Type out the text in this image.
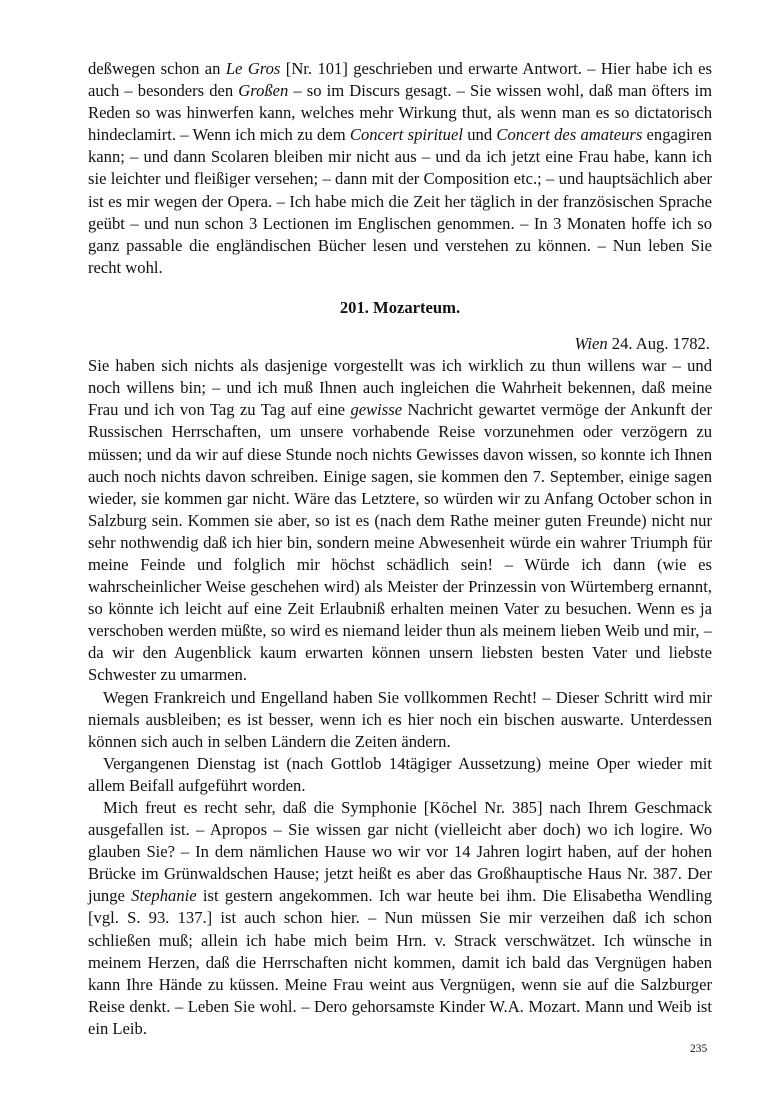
deßwegen schon an Le Gros [Nr. 101] geschrieben und erwarte Antwort. – Hier habe ich es auch – besonders den Großen – so im Discurs gesagt. – Sie wissen wohl, daß man öfters im Reden so was hinwerfen kann, welches mehr Wirkung thut, als wenn man es so dictatorisch hindeclamirt. – Wenn ich mich zu dem Concert spirituel und Concert des amateurs engagiren kann; – und dann Scolaren bleiben mir nicht aus – und da ich jetzt eine Frau habe, kann ich sie leichter und fleißiger versehen; – dann mit der Composition etc.; – und hauptsächlich aber ist es mir wegen der Opera. – Ich habe mich die Zeit her täglich in der französischen Sprache geübt – und nun schon 3 Lectionen im Englischen genommen. – In 3 Monaten hoffe ich so ganz passable die engländischen Bücher lesen und verstehen zu können. – Nun leben Sie recht wohl.

201. Mozarteum.

Wien 24. Aug. 1782.

Sie haben sich nichts als dasjenige vorgestellt was ich wirklich zu thun willens war – und noch willens bin; – und ich muß Ihnen auch ingleichen die Wahrheit bekennen, daß meine Frau und ich von Tag zu Tag auf eine gewisse Nachricht gewartet vermöge der Ankunft der Russischen Herrschaften, um unsere vorhabende Reise vorzunehmen oder verzögern zu müssen; und da wir auf diese Stunde noch nichts Gewisses davon wissen, so konnte ich Ihnen auch noch nichts davon schreiben. Einige sagen, sie kommen den 7. September, einige sagen wieder, sie kommen gar nicht. Wäre das Letztere, so würden wir zu Anfang October schon in Salzburg sein. Kommen sie aber, so ist es (nach dem Rathe meiner guten Freunde) nicht nur sehr nothwendig daß ich hier bin, sondern meine Abwesenheit würde ein wahrer Triumph für meine Feinde und folglich mir höchst schädlich sein! – Würde ich dann (wie es wahrscheinlicher Weise geschehen wird) als Meister der Prinzessin von Würtemberg ernannt, so könnte ich leicht auf eine Zeit Erlaubniß erhalten meinen Vater zu besuchen. Wenn es ja verschoben werden müßte, so wird es niemand leider thun als meinem lieben Weib und mir, – da wir den Augenblick kaum erwarten können unsern liebsten besten Vater und liebste Schwester zu umarmen.

Wegen Frankreich und Engelland haben Sie vollkommen Recht! – Dieser Schritt wird mir niemals ausbleiben; es ist besser, wenn ich es hier noch ein bischen auswarte. Unterdessen können sich auch in selben Ländern die Zeiten ändern.

Vergangenen Dienstag ist (nach Gottlob 14tägiger Aussetzung) meine Oper wieder mit allem Beifall aufgeführt worden.

Mich freut es recht sehr, daß die Symphonie [Köchel Nr. 385] nach Ihrem Geschmack ausgefallen ist. – Apropos – Sie wissen gar nicht (vielleicht aber doch) wo ich logire. Wo glauben Sie? – In dem nämlichen Hause wo wir vor 14 Jahren logirt haben, auf der hohen Brücke im Grünwaldschen Hause; jetzt heißt es aber das Großhauptische Haus Nr. 387. Der junge Stephanie ist gestern angekommen. Ich war heute bei ihm. Die Elisabetha Wendling [vgl. S. 93. 137.] ist auch schon hier. – Nun müssen Sie mir verzeihen daß ich schon schließen muß; allein ich habe mich beim Hrn. v. Strack verschwätzet. Ich wünsche in meinem Herzen, daß die Herrschaften nicht kommen, damit ich bald das Vergnügen haben kann Ihre Hände zu küssen. Meine Frau weint aus Vergnügen, wenn sie auf die Salzburger Reise denkt. – Leben Sie wohl. – Dero gehorsamste Kinder W.A. Mozart. Mann und Weib ist ein Leib.

235
